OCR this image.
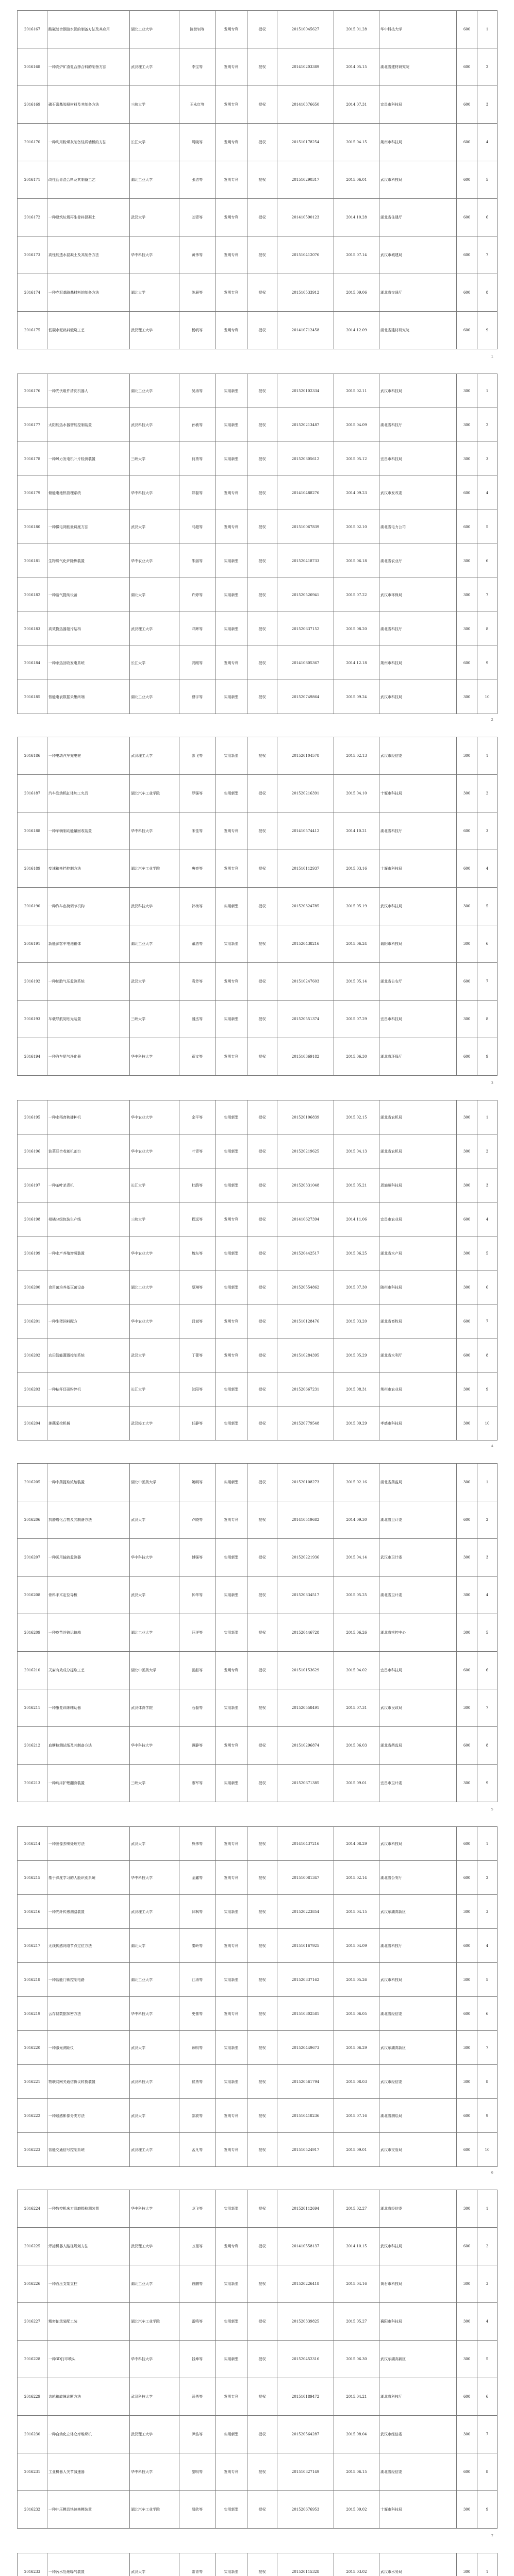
2016167	酸碱复合钢渣水泥的制备方法及其应用	湖北工业大学	陈世钊等	发明专利	授权	201510045627	2015.01.28	华中科技大学	600	1
2016168	一种高炉矿渣复合掺合料的制备方法	武汉理工大学	李宝等	发明专利	授权	201410203389	2014.05.15	湖北省建材研究院	600	2
2016169	磷石膏基胶凝材料及其制备方法	三峡大学	王永红等	发明专利	授权	201410376650	2014.07.31	宜昌市科技局	600	3
2016170	一种利用粉煤灰制备轻质墙板的方法	长江大学	周晓等	发明专利	授权	201510178254	2015.04.15	荆州市科技局	600	4
2016171	改性沥青混合料及其制备工艺	湖北工业大学	张洁等	发明专利	授权	201510290317	2015.06.01	武汉市科技局	600	5
2016172	一种建筑垃圾再生骨料混凝土	武汉大学	刘青等	发明专利	授权	201410590123	2014.10.28	湖北省住建厅	600	6
2016173	高性能透水混凝土及其制备方法	华中科技大学	黄伟等	发明专利	授权	201510412076	2015.07.14	武汉市城建局	600	7
2016174	一种赤泥基路基材料的制备方法	湖北大学	陈晨等	发明专利	授权	201510533912	2015.09.06	湖北省交通厅	600	8
2016175	低碳水泥熟料煅烧工艺	武汉理工大学	杨帆等	发明专利	授权	201410712458	2014.12.09	湖北省建材研究院	600	9
1
2016176	一种光伏组件清洗机器人	湖北工业大学	吴涛等	实用新型	授权	201520102334	2015.02.11	武汉市科技局	300	1
2016177	太阳能热水器智能控制装置	武汉科技大学	孙敏等	实用新型	授权	201520213487	2015.04.09	湖北省科技厅	300	2
2016178	一种风力发电机叶片检测装置	三峡大学	何勇等	实用新型	授权	201520305612	2015.05.12	宜昌市科技局	300	3
2016179	储能电池热管理系统	华中科技大学	郑磊等	发明专利	授权	201410488276	2014.09.23	武汉市发改委	600	4
2016180	一种微电网能量调度方法	武汉大学	马超等	发明专利	授权	201510067839	2015.02.10	湖北省电力公司	600	5
2016181	生物质气化炉除焦装置	华中农业大学	朱丽等	实用新型	授权	201520418733	2015.06.18	湖北省农业厅	300	6
2016182	一种沼气提纯设备	湖北大学	许婷等	实用新型	授权	201520526941	2015.07.22	武汉市环保局	300	7
2016183	高效换热器翅片结构	武汉理工大学	邓辉等	实用新型	授权	201520637152	2015.08.20	湖北省科技厅	300	8
2016184	一种余热回收发电系统	长江大学	冯刚等	发明专利	授权	201410805367	2014.12.18	荆州市科技局	600	9
2016185	智能电表数据采集终端	湖北工业大学	曹宇等	实用新型	授权	201520749864	2015.09.24	武汉市科技局	300	10
2
2016186	一种电动汽车充电桩	武汉理工大学	彭飞等	实用新型	授权	201520104578	2015.02.13	武汉市经信委	300	1
2016187	汽车发动机缸体加工夹具	湖北汽车工业学院	罗强等	实用新型	授权	201520216391	2015.04.10	十堰市科技局	300	2
2016188	一种车辆制动能量回收装置	华中科技大学	宋佳等	发明专利	授权	201410574412	2014.10.21	湖北省科技厅	600	3
2016189	变速箱换挡控制方法	湖北汽车工业学院	唐亮等	发明专利	授权	201510112937	2015.03.16	十堰市科技局	600	4
2016190	一种汽车座椅调节机构	武汉科技大学	韩梅等	实用新型	授权	201520324785	2015.05.19	武汉市科技局	300	5
2016191	新能源客车电池箱体	湖北工业大学	董浩等	实用新型	授权	201520438216	2015.06.24	襄阳市科技局	300	6
2016192	一种轮胎气压监测系统	武汉大学	袁芳等	发明专利	授权	201510247603	2015.05.14	湖北省公安厅	600	7
2016193	车载导航防眩光装置	三峡大学	潘杰等	实用新型	授权	201520551374	2015.07.29	宜昌市科技局	300	8
2016194	一种汽车尾气净化器	华中科技大学	蒋文等	发明专利	授权	201510369182	2015.06.30	湖北省环保厅	600	9
3
2016195	一种水稻育秧播种机	华中农业大学	余平等	实用新型	授权	201520106839	2015.02.15	湖北省农机局	300	1
2016196	油菜联合收割机割台	华中农业大学	叶青等	实用新型	授权	201520219625	2015.04.13	湖北省农机局	300	2
2016197	一种茶叶杀青机	长江大学	杜鹃等	实用新型	授权	201520331048	2015.05.21	恩施州科技局	300	3
2016198	柑橘分级包装生产线	三峡大学	程远等	发明专利	授权	201410627394	2014.11.06	宜昌市农业局	600	4
2016199	一种水产养殖增氧装置	华中农业大学	魏东等	实用新型	授权	201520442517	2015.06.25	湖北省水产局	300	5
2016200	食用菌培养基灭菌设备	湖北工业大学	蔡琳等	实用新型	授权	201520554862	2015.07.30	随州市科技局	300	6
2016201	一种生猪饲料配方	华中农业大学	吕斌等	发明专利	授权	201510128476	2015.03.20	湖北省畜牧局	600	7
2016202	农田智能灌溉控制系统	武汉大学	丁蕾等	发明专利	授权	201510284395	2015.05.29	湖北省水利厅	600	8
2016203	一种秸秆还田粉碎机	长江大学	沈阳等	实用新型	授权	201520667231	2015.08.31	荆州市农业局	300	9
2016204	莲藕采挖机械	武汉轻工大学	任静等	实用新型	授权	201520779548	2015.09.29	孝感市科技局	300	10
4
2016205	一种中药提取浓缩装置	湖北中医药大学	姚明等	实用新型	授权	201520108273	2015.02.16	湖北省药监局	300	1
2016206	抗肿瘤化合物及其制备方法	武汉大学	卢晓等	发明专利	授权	201410519682	2014.09.30	湖北省卫计委	600	2
2016207	一种医用输液监测器	华中科技大学	傅强等	实用新型	授权	201520221936	2015.04.14	武汉市卫计委	300	3
2016208	骨科手术定位导板	武汉大学	钟华等	实用新型	授权	201520334517	2015.05.25	湖北省卫计委	300	4
2016209	一种疫苗冷链运输箱	湖北工业大学	汪洋等	实用新型	授权	201520446728	2015.06.26	湖北省疾控中心	300	5
2016210	天麻有效成分提取工艺	湖北中医药大学	田甜等	发明专利	授权	201510153629	2015.04.02	宜昌市科技局	600	6
2016211	一种康复训练辅助器	武汉体育学院	石磊等	实用新型	授权	201520558491	2015.07.31	武汉市民政局	300	7
2016212	血糖检测试纸及其制备方法	华中科技大学	谭静等	发明专利	授权	201510296874	2015.06.03	湖北省药监局	600	8
2016213	一种病床护理翻身装置	三峡大学	廖军等	实用新型	授权	201520671385	2015.09.01	宜昌市卫计委	300	9
5
2016214	一种图像去噪处理方法	武汉大学	熊伟等	发明专利	授权	201410437216	2014.08.29	武汉市科技局	600	1
2016215	基于深度学习的人脸识别系统	华中科技大学	金鑫等	发明专利	授权	201510081347	2015.02.14	湖北省公安厅	600	2
2016216	一种光纤传感测温装置	武汉理工大学	邱枫等	实用新型	授权	201520223854	2015.04.15	武汉东湖高新区	300	3
2016217	无线传感网络节点定位方法	湖北大学	秦岭等	发明专利	授权	201510167925	2015.04.09	湖北省科技厅	600	4
2016218	一种智能门锁控制电路	湖北工业大学	江涛等	实用新型	授权	201520337162	2015.05.26	武汉市科技局	300	5
2016219	云存储数据加密方法	华中科技大学	史蕾等	发明专利	授权	201510302581	2015.06.05	湖北省经信委	600	6
2016220	一种激光测距仪	武汉大学	顾明等	实用新型	授权	201520449673	2015.06.29	武汉东湖高新区	300	7
2016221	物联网网关通信协议转换装置	武汉科技大学	侯勇等	实用新型	授权	201520561794	2015.08.03	武汉市经信委	300	8
2016222	一种遥感影像分类方法	武汉大学	邵波等	发明专利	授权	201510418236	2015.07.16	湖北省测绘局	600	9
2016223	智能交通信号控制系统	武汉理工大学	孟凡等	发明专利	授权	201510524917	2015.09.01	武汉市交管局	600	10
6
2016224	一种数控机床刀具磨损检测装置	华中科技大学	龙飞等	实用新型	授权	201520112694	2015.02.27	湖北省经信委	300	1
2016225	焊接机器人路径规划方法	武汉理工大学	万里等	发明专利	授权	201410558137	2014.10.15	武汉市科技局	600	2
2016226	一种液压支架立柱	湖北工业大学	段鹏等	实用新型	授权	201520226418	2015.04.16	黄石市科技局	300	3
2016227	精密轴承装配工装	湖北汽车工业学院	雷鸣等	实用新型	授权	201520339825	2015.05.27	襄阳市科技局	300	4
2016228	一种3D打印喷头	华中科技大学	钱坤等	实用新型	授权	201520452316	2015.06.30	武汉东湖高新区	300	5
2016229	齿轮箱故障诊断方法	武汉科技大学	汤勇等	发明专利	授权	201510189472	2015.04.21	湖北省科技厅	600	6
2016230	一种自动化立体仓库堆垛机	武汉理工大学	尹浩等	实用新型	授权	201520564287	2015.08.04	武汉市经信委	300	7
2016231	工业机器人关节减速器	华中科技大学	黎明等	发明专利	授权	201510327149	2015.06.15	湖北省经信委	600	8
2016232	一种冲压模具快速换模装置	湖北汽车工业学院	易欣等	实用新型	授权	201520676953	2015.09.02	十堰市科技局	300	9
7
2016233	一种污水处理曝气装置	武汉大学	常青等	实用新型	授权	201520115328	2015.03.02	武汉市水务局	300	1
